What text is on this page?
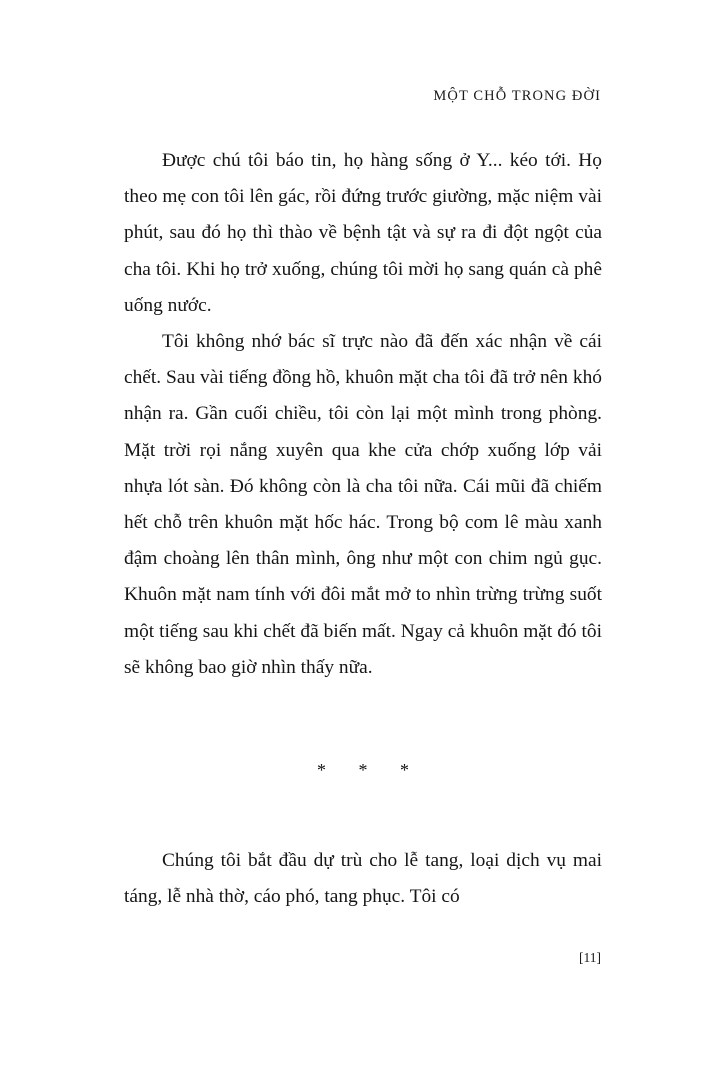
MỘT CHỖ TRONG ĐỜI

Được chú tôi báo tin, họ hàng sống ở Y... kéo tới. Họ theo mẹ con tôi lên gác, rồi đứng trước giường, mặc niệm vài phút, sau đó họ thì thào về bệnh tật và sự ra đi đột ngột của cha tôi. Khi họ trở xuống, chúng tôi mời họ sang quán cà phê uống nước.

Tôi không nhớ bác sĩ trực nào đã đến xác nhận về cái chết. Sau vài tiếng đồng hồ, khuôn mặt cha tôi đã trở nên khó nhận ra. Gần cuối chiều, tôi còn lại một mình trong phòng. Mặt trời rọi nắng xuyên qua khe cửa chớp xuống lớp vải nhựa lót sàn. Đó không còn là cha tôi nữa. Cái mũi đã chiếm hết chỗ trên khuôn mặt hốc hác. Trong bộ com lê màu xanh đậm choàng lên thân mình, ông như một con chim ngủ gục. Khuôn mặt nam tính với đôi mắt mở to nhìn trừng trừng suốt một tiếng sau khi chết đã biến mất. Ngay cả khuôn mặt đó tôi sẽ không bao giờ nhìn thấy nữa.

* * *

Chúng tôi bắt đầu dự trù cho lễ tang, loại dịch vụ mai táng, lễ nhà thờ, cáo phó, tang phục. Tôi có

[11]
